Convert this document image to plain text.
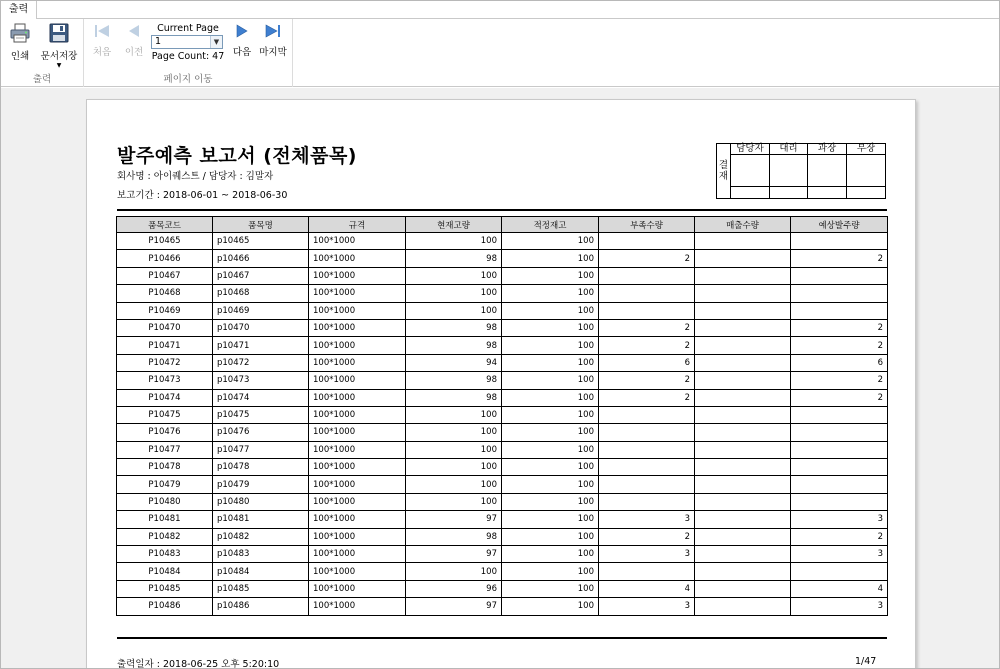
출력
인쇄	문서저장
▼
출력
처음 이전
Current Page
1	▼
Page Count: 47 다음 마지막
페이지 이동
발주예측 보고서 (전체품목)
회사명 : 아이퀘스트 / 담당자 : 김말자
보고기간 : 2018-06-01 ~ 2018-06-30
결
재
담당자	대리	과장	부장
품목코드	품목명	규격	현재고량	적정재고	부족수량	매출수량	예상발주량
P10465	p10465	100*1000	100	100			
P10466	p10466	100*1000	98	100	2		2
P10467	p10467	100*1000	100	100			
P10468	p10468	100*1000	100	100			
P10469	p10469	100*1000	100	100			
P10470	p10470	100*1000	98	100	2		2
P10471	p10471	100*1000	98	100	2		2
P10472	p10472	100*1000	94	100	6		6
P10473	p10473	100*1000	98	100	2		2
P10474	p10474	100*1000	98	100	2		2
P10475	p10475	100*1000	100	100			
P10476	p10476	100*1000	100	100			
P10477	p10477	100*1000	100	100			
P10478	p10478	100*1000	100	100			
P10479	p10479	100*1000	100	100			
P10480	p10480	100*1000	100	100			
P10481	p10481	100*1000	97	100	3		3
P10482	p10482	100*1000	98	100	2		2
P10483	p10483	100*1000	97	100	3		3
P10484	p10484	100*1000	100	100			
P10485	p10485	100*1000	96	100	4		4
P10486	p10486	100*1000	97	100	3		3
출력일자 : 2018-06-25 오후 5:20:10	1/47
